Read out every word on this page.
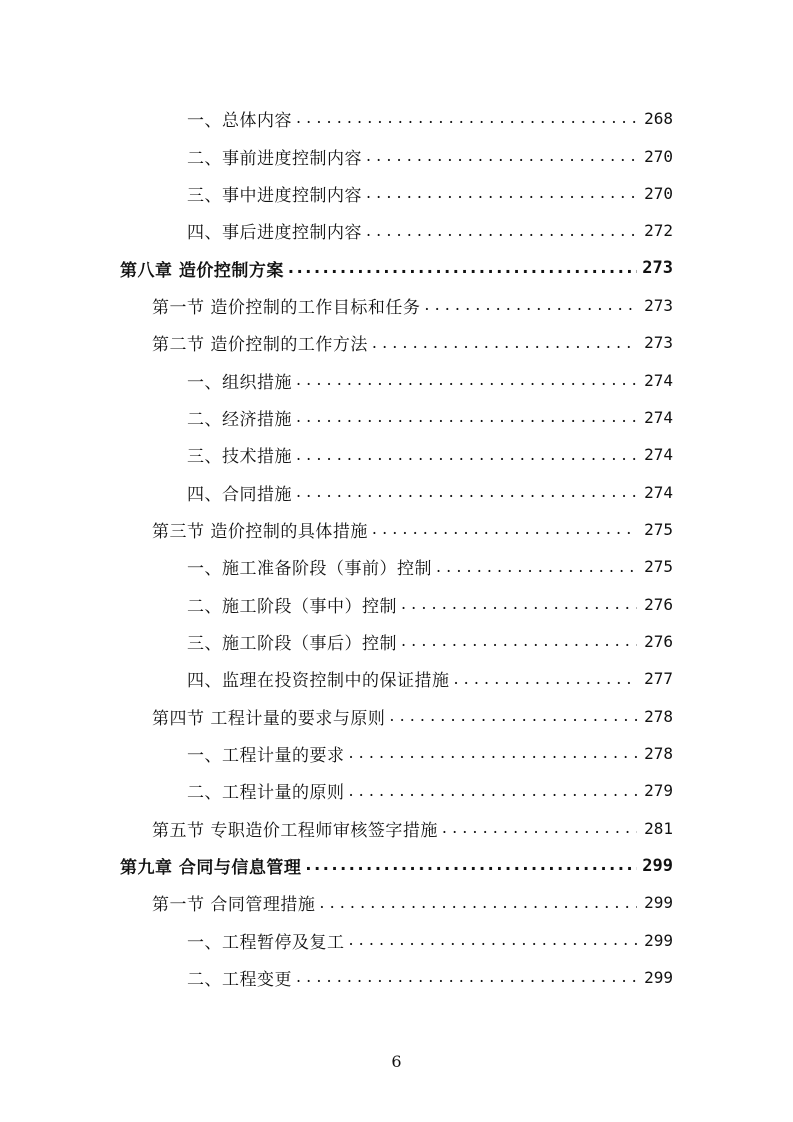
一、总体内容 . . .	268
二、事前进度控制内容 . . .	270
三、事中进度控制内容 . . .	270
四、事后进度控制内容 . . .	272
第八章 造价控制方案 .....	273
第一节 造价控制的工作目标和任务 . . .	273
第二节 造价控制的工作方法 . . .	273
一、组织措施 . . .	274
二、经济措施 . . .	274
三、技术措施 . . .	274
四、合同措施 . . .	274
第三节 造价控制的具体措施 . . .	275
一、施工准备阶段（事前）控制 . . .	275
二、施工阶段（事中）控制 . . .	276
三、施工阶段（事后）控制 . . .	276
四、监理在投资控制中的保证措施 . . .	277
第四节 工程计量的要求与原则 . . .	278
一、工程计量的要求 . . .	278
二、工程计量的原则 . . .	279
第五节 专职造价工程师审核签字措施 . . .	281
第九章 合同与信息管理 .....	299
第一节 合同管理措施 . . .	299
一、工程暂停及复工 . . .	299
二、工程变更 . . .	299
6
